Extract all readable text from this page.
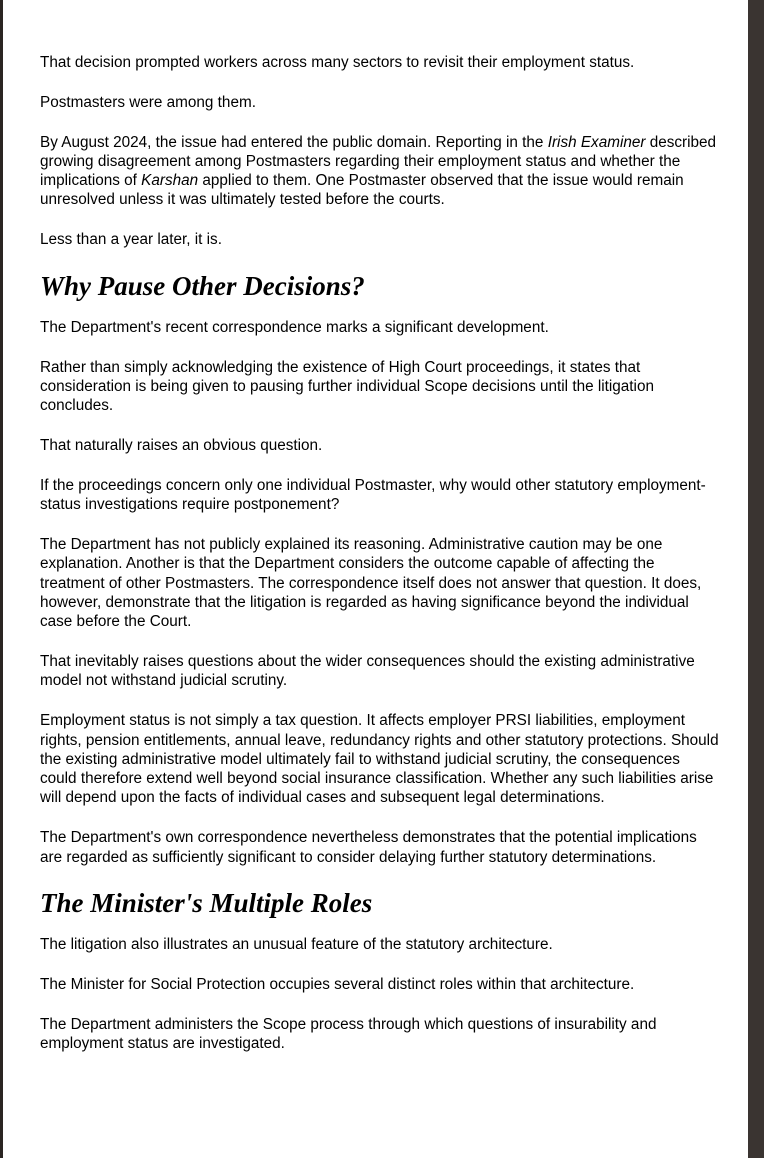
That decision prompted workers across many sectors to revisit their employment status.

Postmasters were among them.

By August 2024, the issue had entered the public domain. Reporting in the Irish Examiner described growing disagreement among Postmasters regarding their employment status and whether the implications of Karshan applied to them. One Postmaster observed that the issue would remain unresolved unless it was ultimately tested before the courts.

Less than a year later, it is.

Why Pause Other Decisions?

The Department's recent correspondence marks a significant development.

Rather than simply acknowledging the existence of High Court proceedings, it states that consideration is being given to pausing further individual Scope decisions until the litigation concludes.

That naturally raises an obvious question.

If the proceedings concern only one individual Postmaster, why would other statutory employment-status investigations require postponement?

The Department has not publicly explained its reasoning. Administrative caution may be one explanation. Another is that the Department considers the outcome capable of affecting the treatment of other Postmasters. The correspondence itself does not answer that question. It does, however, demonstrate that the litigation is regarded as having significance beyond the individual case before the Court.

That inevitably raises questions about the wider consequences should the existing administrative model not withstand judicial scrutiny.

Employment status is not simply a tax question. It affects employer PRSI liabilities, employment rights, pension entitlements, annual leave, redundancy rights and other statutory protections. Should the existing administrative model ultimately fail to withstand judicial scrutiny, the consequences could therefore extend well beyond social insurance classification. Whether any such liabilities arise will depend upon the facts of individual cases and subsequent legal determinations.

The Department's own correspondence nevertheless demonstrates that the potential implications are regarded as sufficiently significant to consider delaying further statutory determinations.

The Minister's Multiple Roles

The litigation also illustrates an unusual feature of the statutory architecture.

The Minister for Social Protection occupies several distinct roles within that architecture.

The Department administers the Scope process through which questions of insurability and employment status are investigated.
